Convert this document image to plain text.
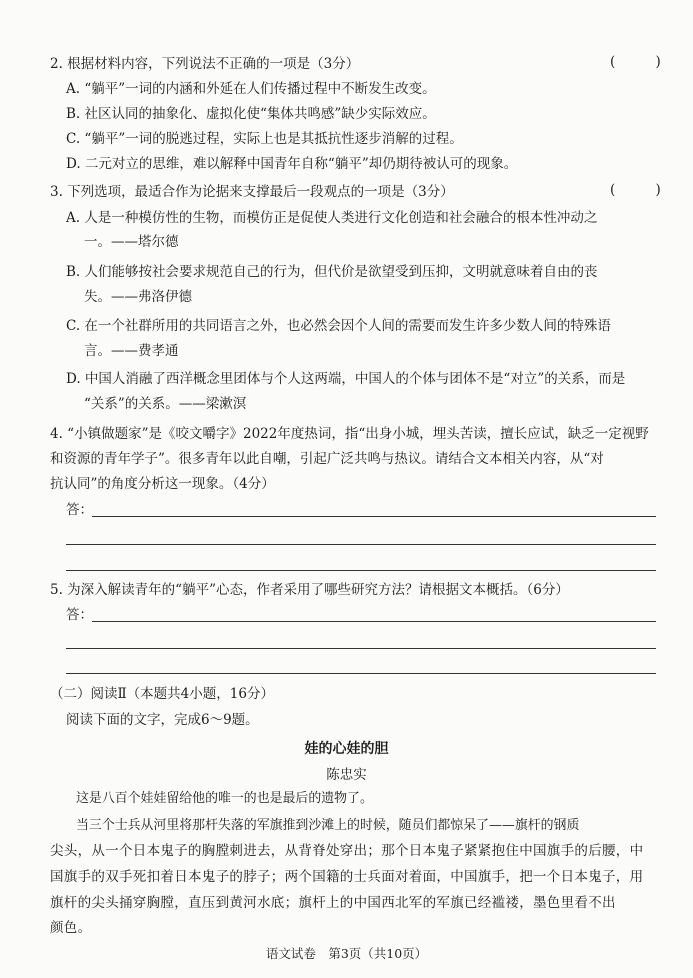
2. 根据材料内容，下列说法不正确的一项是（3分）	( )
A. “躺平”一词的内涵和外延在人们传播过程中不断发生改变。
B. 社区认同的抽象化、虚拟化使“集体共鸣感”缺少实际效应。
C. “躺平”一词的脱逃过程，实际上也是其抵抗性逐步消解的过程。
D. 二元对立的思维，难以解释中国青年自称“躺平”却仍期待被认可的现象。
3. 下列选项，最适合作为论据来支撑最后一段观点的一项是（3分）	( )
A. 人是一种模仿性的生物，而模仿正是促使人类进行文化创造和社会融合的根本性冲动之
一。——塔尔德
B. 人们能够按社会要求规范自己的行为，但代价是欲望受到压抑，文明就意味着自由的丧
失。——弗洛伊德
C. 在一个社群所用的共同语言之外，也必然会因个人间的需要而发生许多少数人间的特殊语
言。——费孝通
D. 中国人消融了西洋概念里团体与个人这两端，中国人的个体与团体不是“对立”的关系，而是
“关系”的关系。——梁漱溟
4. “小镇做题家”是《咬文嚼字》2022年度热词，指“出身小城，埋头苦读，擅长应试，缺乏一定视野
和资源的青年学子”。很多青年以此自嘲，引起广泛共鸣与热议。请结合文本相关内容，从“对
抗认同”的角度分析这一现象。（4分）
答：
5. 为深入解读青年的“躺平”心态，作者采用了哪些研究方法？请根据文本概括。（6分）
答：
（二）阅读Ⅱ（本题共4小题，16分）
阅读下面的文字，完成6～9题。
娃的心娃的胆
陈忠实
这是八百个娃娃留给他的唯一的也是最后的遗物了。
当三个士兵从河里将那杆失落的军旗推到沙滩上的时候，随员们都惊呆了——旗杆的钢质
尖头，从一个日本鬼子的胸膛刺进去，从背脊处穿出；那个日本鬼子紧紧抱住中国旗手的后腰，中
国旗手的双手死扣着日本鬼子的脖子；两个国籍的士兵面对着面，中国旗手，把一个日本鬼子，用
旗杆的尖头捅穿胸膛，直压到黄河水底；旗杆上的中国西北军的军旗已经褴褛，墨色里看不出
颜色。
语文试卷　第3页（共10页）
